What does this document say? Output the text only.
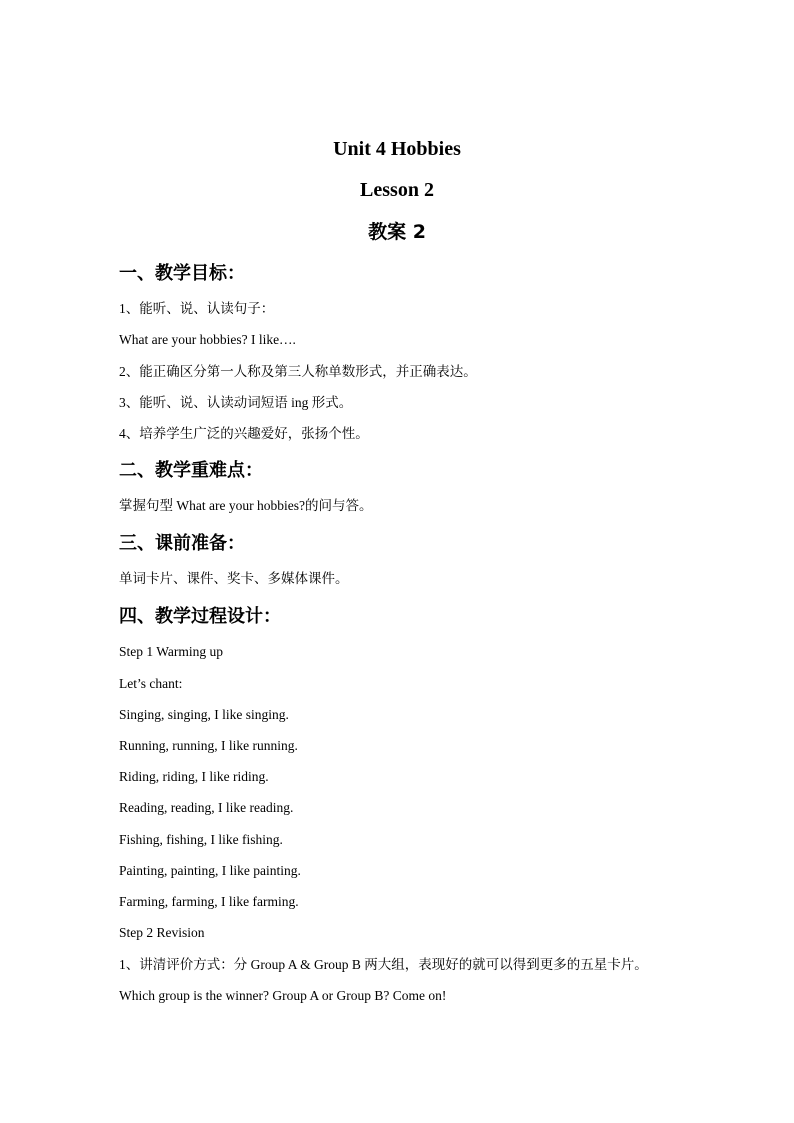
Unit 4 Hobbies
Lesson 2
教案 2
一、教学目标：
1、能听、说、认读句子：
What are your hobbies? I like….
2、能正确区分第一人称及第三人称单数形式，并正确表达。
3、能听、说、认读动词短语 ing 形式。
4、培养学生广泛的兴趣爱好，张扬个性。
二、教学重难点：
掌握句型 What are your hobbies?的问与答。
三、课前准备：
单词卡片、课件、奖卡、多媒体课件。
四、教学过程设计：
Step 1 Warming up
Let’s chant:
Singing, singing, I like singing.
Running, running, I like running.
Riding, riding, I like riding.
Reading, reading, I like reading.
Fishing, fishing, I like fishing.
Painting, painting, I like painting.
Farming, farming, I like farming.
Step 2 Revision
1、讲清评价方式：分 Group A & Group B 两大组，表现好的就可以得到更多的五星卡片。
Which group is the winner? Group A or Group B? Come on!
